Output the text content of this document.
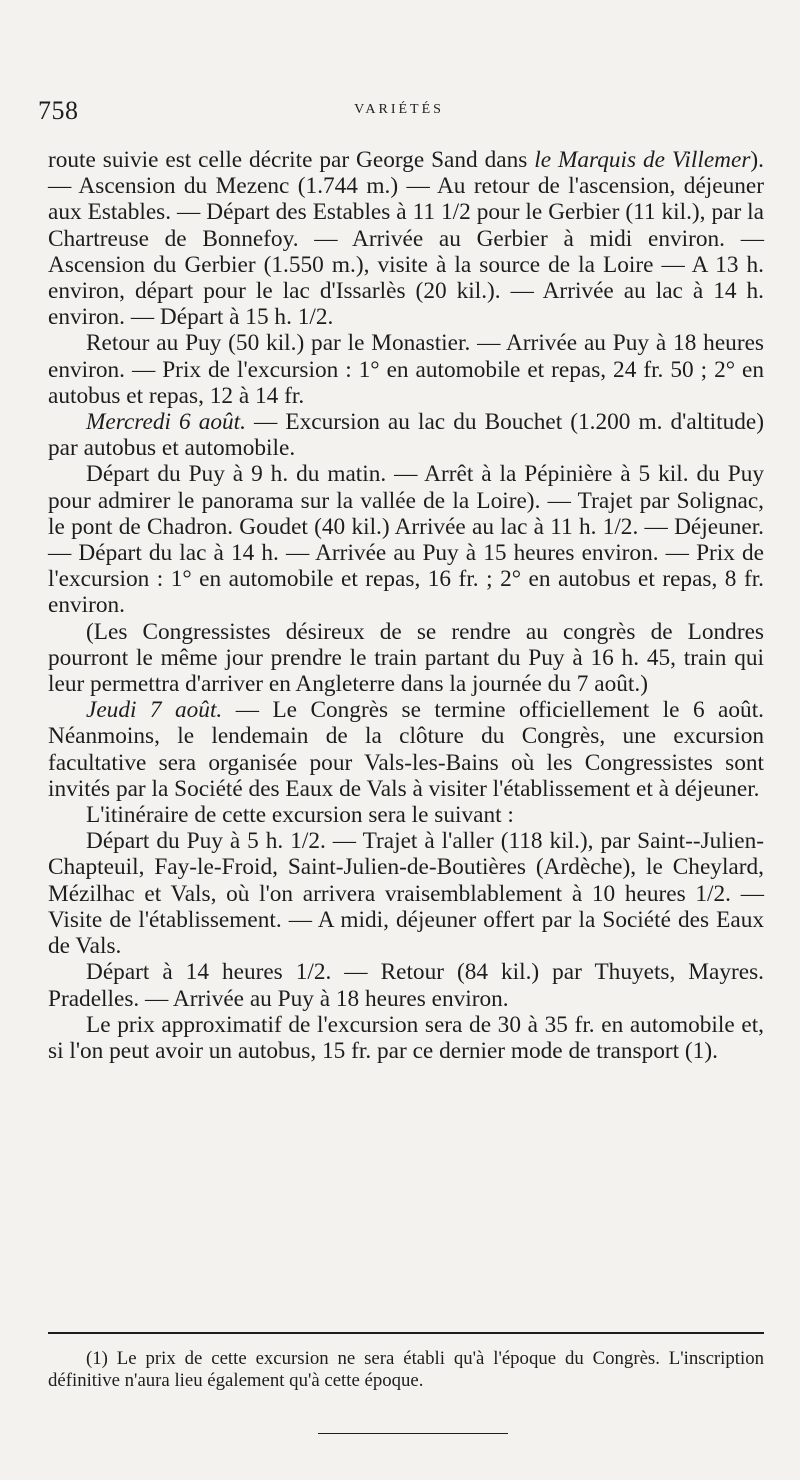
758	VARIÉTÉS

route suivie est celle décrite par George Sand dans le Marquis de Villemer). — Ascension du Mezenc (1.744 m.) — Au retour de l'ascension, déjeuner aux Estables. — Départ des Estables à 11 1/2 pour le Gerbier (11 kil.), par la Chartreuse de Bonnefoy. — Arrivée au Gerbier à midi environ. — Ascension du Gerbier (1.550 m.), visite à la source de la Loire — A 13 h. environ, départ pour le lac d'Issarlès (20 kil.). — Arrivée au lac à 14 h. environ. — Départ à 15 h. 1/2.

Retour au Puy (50 kil.) par le Monastier. — Arrivée au Puy à 18 heures environ. — Prix de l'excursion : 1° en automobile et repas, 24 fr. 50 ; 2° en autobus et repas, 12 à 14 fr.

Mercredi 6 août. — Excursion au lac du Bouchet (1.200 m. d'altitude) par autobus et automobile.

Départ du Puy à 9 h. du matin. — Arrêt à la Pépinière à 5 kil. du Puy pour admirer le panorama sur la vallée de la Loire). — Trajet par Solignac, le pont de Chadron. Goudet (40 kil.) Arrivée au lac à 11 h. 1/2. — Déjeuner. — Départ du lac à 14 h. — Arrivée au Puy à 15 heures environ. — Prix de l'excursion : 1° en automobile et repas, 16 fr. ; 2° en autobus et repas, 8 fr. environ.

(Les Congressistes désireux de se rendre au congrès de Londres pourront le même jour prendre le train partant du Puy à 16 h. 45, train qui leur permettra d'arriver en Angleterre dans la journée du 7 août.)

Jeudi 7 août. — Le Congrès se termine officiellement le 6 août. Néanmoins, le lendemain de la clôture du Congrès, une excursion facultative sera organisée pour Vals-les-Bains où les Congressistes sont invités par la Société des Eaux de Vals à visiter l'établissement et à déjeuner.

L'itinéraire de cette excursion sera le suivant :

Départ du Puy à 5 h. 1/2. — Trajet à l'aller (118 kil.), par Saint--Julien-Chapteuil, Fay-le-Froid, Saint-Julien-de-Boutières (Ardèche), le Cheylard, Mézilhac et Vals, où l'on arrivera vraisemblablement à 10 heures 1/2. — Visite de l'établissement. — A midi, déjeuner offert par la Société des Eaux de Vals.

Départ à 14 heures 1/2. — Retour (84 kil.) par Thuyets, Mayres. Pradelles. — Arrivée au Puy à 18 heures environ.

Le prix approximatif de l'excursion sera de 30 à 35 fr. en automobile et, si l'on peut avoir un autobus, 15 fr. par ce dernier mode de transport (1).

(1) Le prix de cette excursion ne sera établi qu'à l'époque du Congrès. L'inscription définitive n'aura lieu également qu'à cette époque.
